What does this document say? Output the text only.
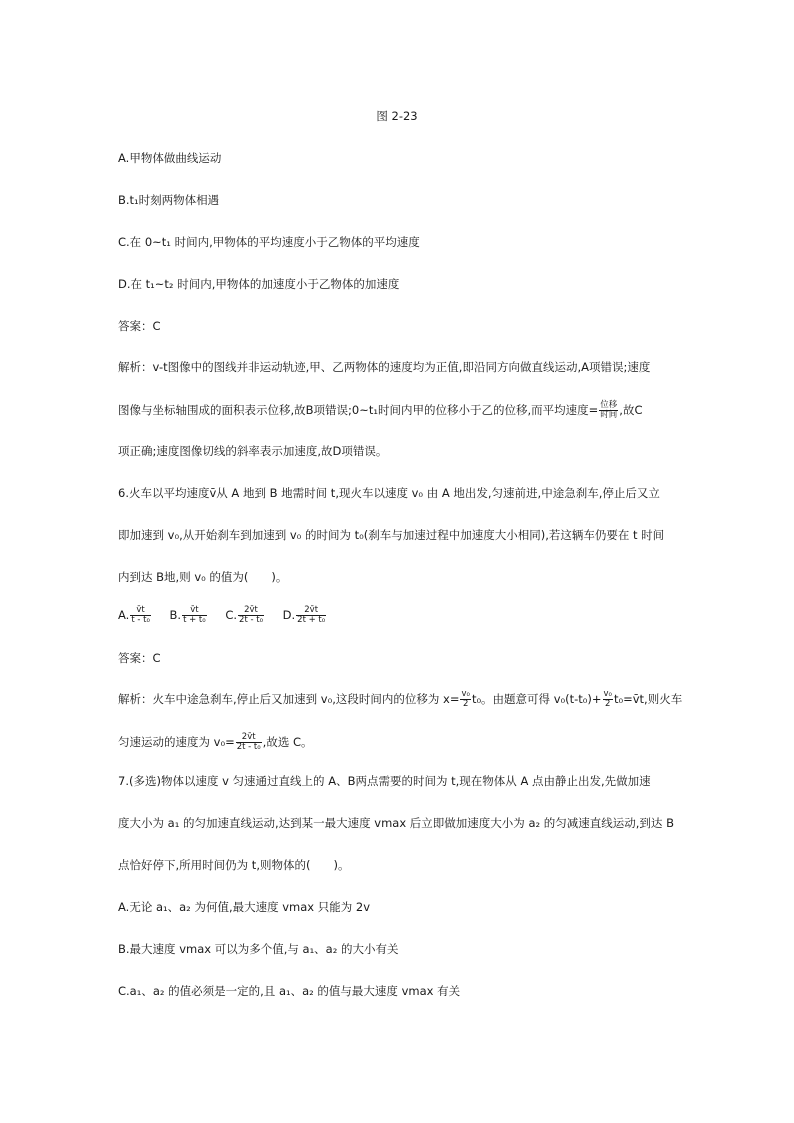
图 2-23
A.甲物体做曲线运动
B.t₁时刻两物体相遇
C.在 0~t₁ 时间内,甲物体的平均速度小于乙物体的平均速度
D.在 t₁~t₂ 时间内,甲物体的加速度小于乙物体的加速度
答案：C
解析：v-t图像中的图线并非运动轨迹,甲、乙两物体的速度均为正值,即沿同方向做直线运动,A项错误;速度
图像与坐标轴围成的面积表示位移,故B项错误;0~t₁时间内甲的位移小于乙的位移,而平均速度= $\frac{\text{位移}}{\text{时间}}$ ,故C
项正确;速度图像切线的斜率表示加速度,故D项错误。
6.火车以平均速度v̄从 A 地到 B 地需时间 t,现火车以速度 v₀ 由 A 地出发,匀速前进,中途急刹车,停止后又立
即加速到 v₀,从开始刹车到加速到 v₀ 的时间为 t₀(刹车与加速过程中加速度大小相同),若这辆车仍要在 t 时间
内到达 B地,则 v₀ 的值为(　　)。
A. $\frac{v̄t}{\text{t - t₀}} B$. $\frac{v̄t}{\text{t + t₀}} C$. $\frac{2v̄t}{\text{2t - t₀}} D$. $\frac{2v̄t}{\text{2t + t₀}}$
答案：C
解析：火车中途急刹车,停止后又加速到 v₀,这段时间内的位移为 $x= \frac{\text{v₀}}{2} t_0$。由题意可得 $v_0(t-t_0)+ \frac{\text{v₀}}{2}$ t₀=v̄t,则火车
匀速运动的速度为 $v_0= \frac{2v̄t}{\text{2t - t₀}}$ ,故选 C。
7.(多选)物体以速度 v 匀速通过直线上的 A、B两点需要的时间为 t,现在物体从 A 点由静止出发,先做加速
度大小为 a₁ 的匀加速直线运动,达到某一最大速度 vmax 后立即做加速度大小为 a₂ 的匀减速直线运动,到达 B
点恰好停下,所用时间仍为 t,则物体的(　　)。
A.无论 a₁、a₂ 为何值,最大速度 vmax 只能为 2v
B.最大速度 vmax 可以为多个值,与 a₁、a₂ 的大小有关
C.a₁、a₂ 的值必须是一定的,且 a₁、a₂ 的值与最大速度 vmax 有关
